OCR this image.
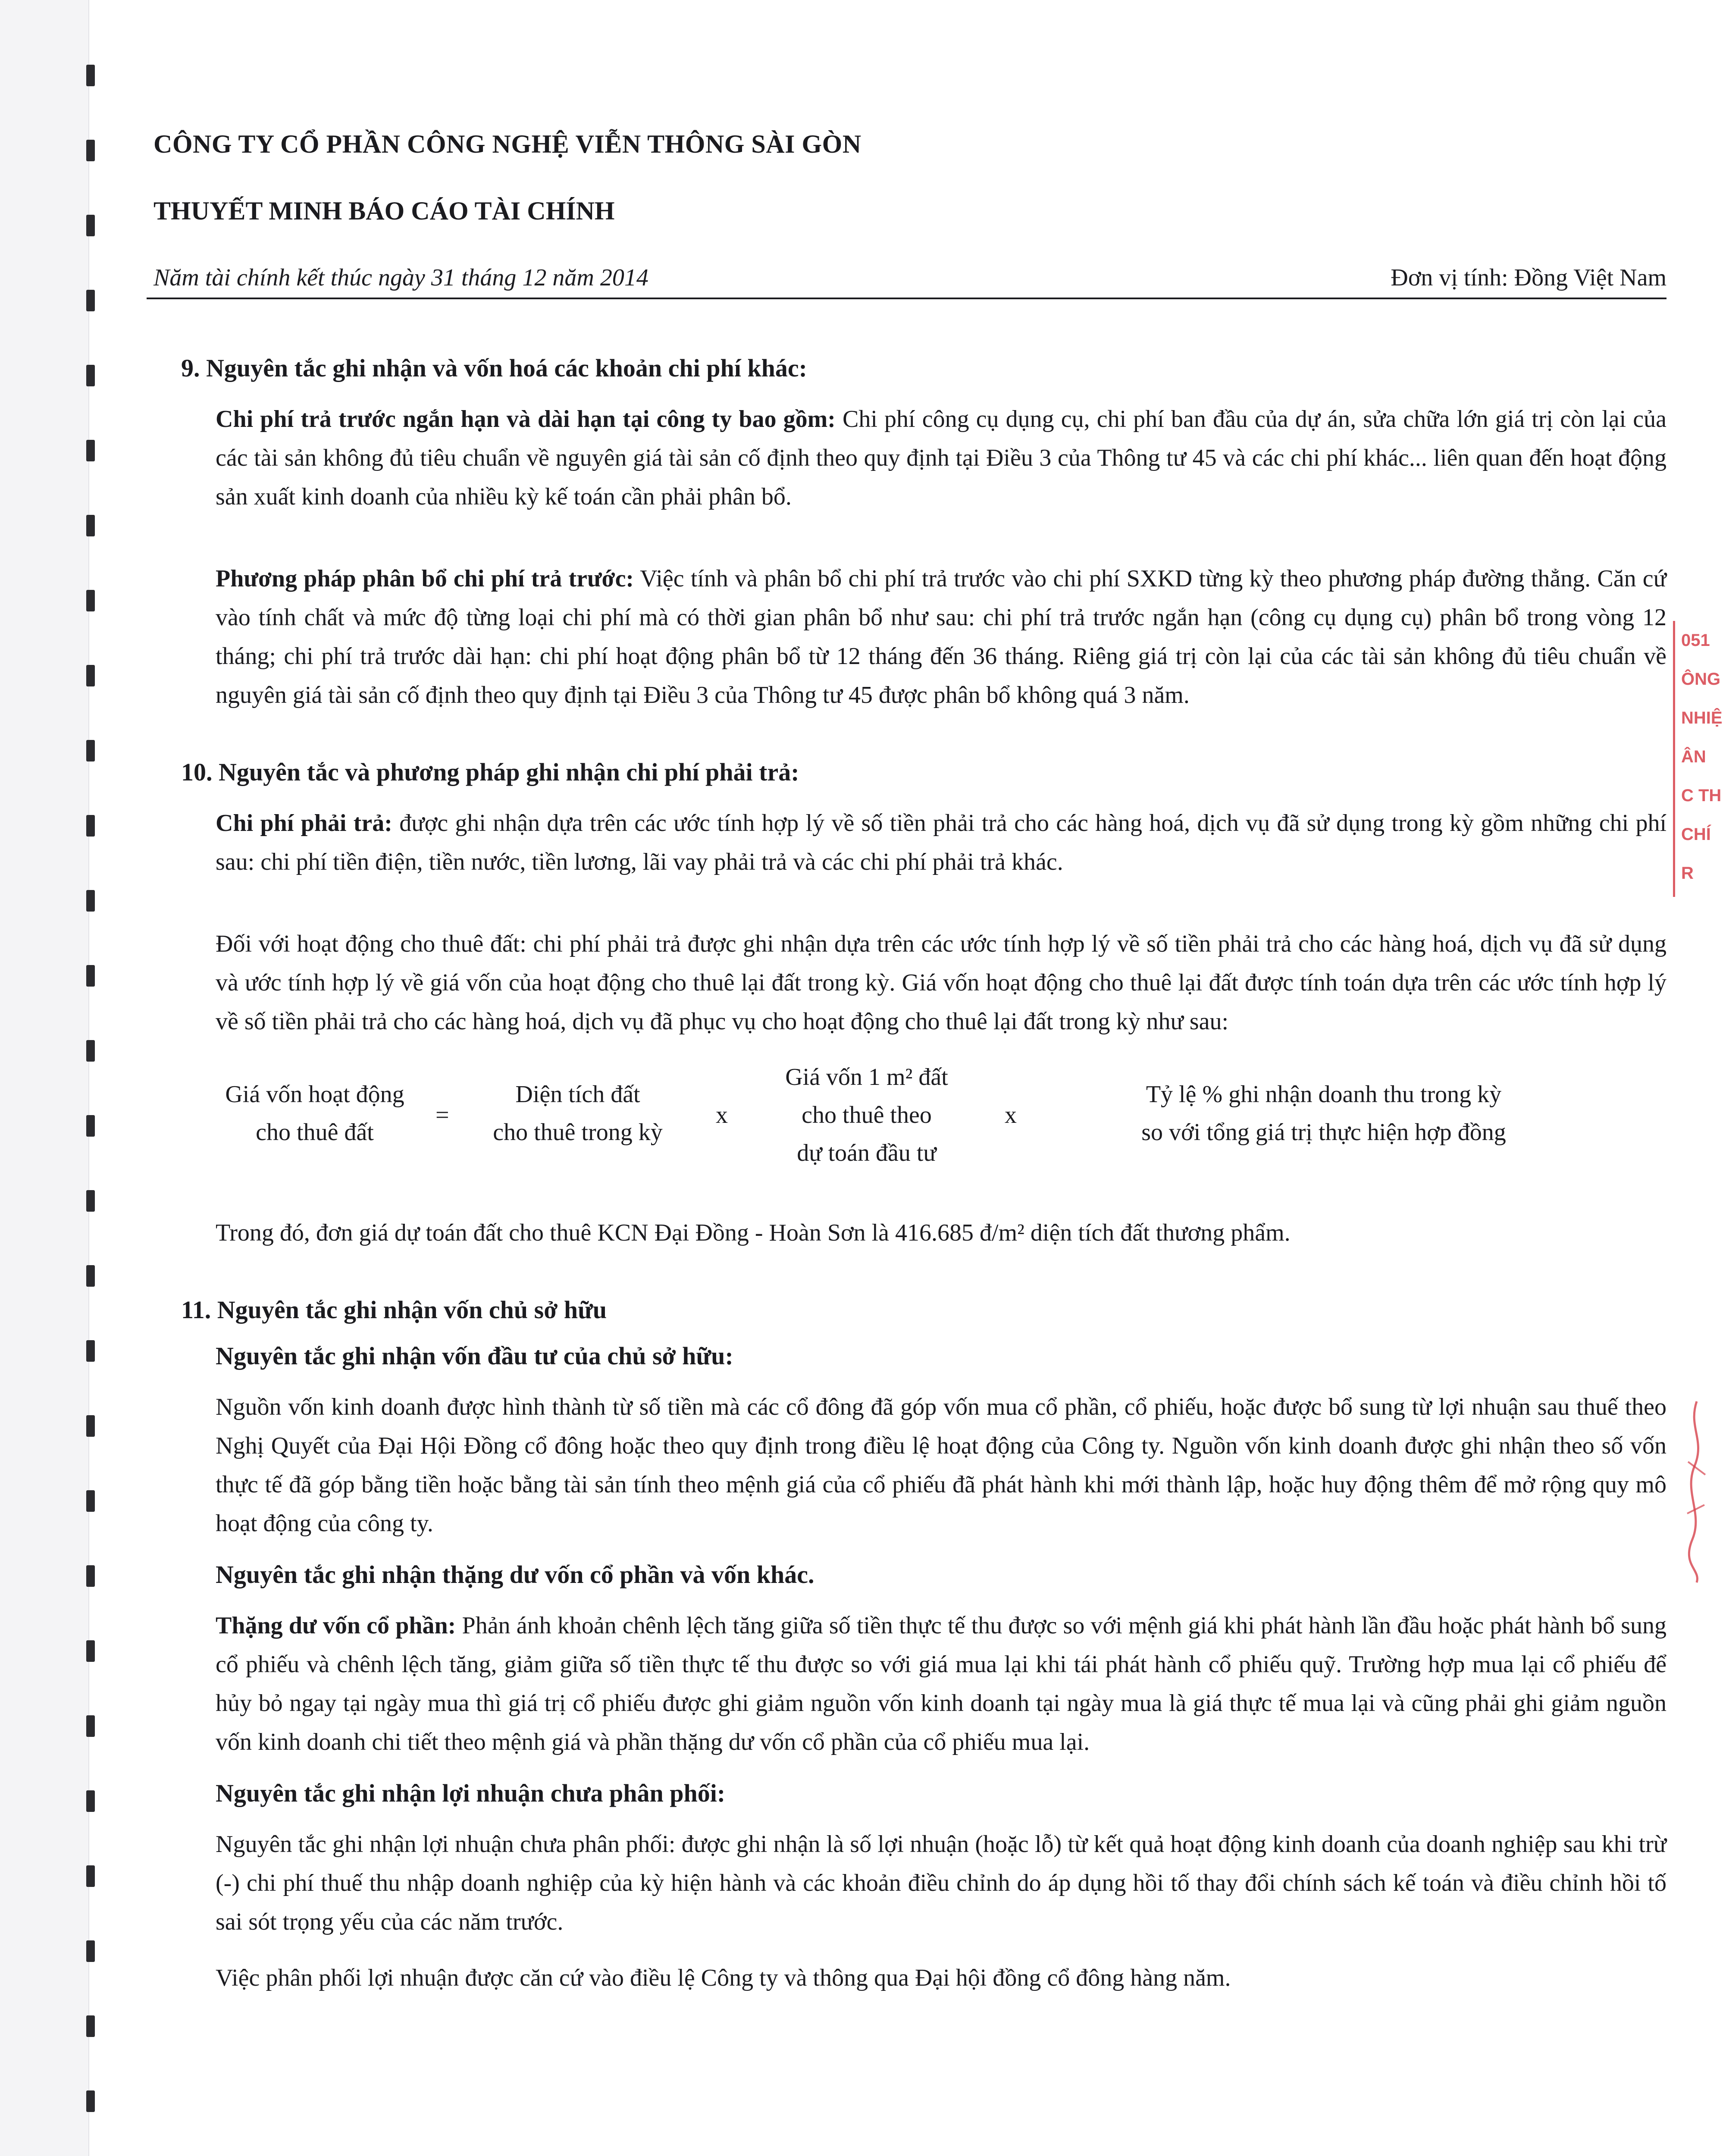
CÔNG TY CỔ PHẦN CÔNG NGHỆ VIỄN THÔNG SÀI GÒN
THUYẾT MINH BÁO CÁO TÀI CHÍNH
Năm tài chính kết thúc ngày 31 tháng 12 năm 2014	Đơn vị tính: Đồng Việt Nam
9. Nguyên tắc ghi nhận và vốn hoá các khoản chi phí khác:
Chi phí trả trước ngắn hạn và dài hạn tại công ty bao gồm: Chi phí công cụ dụng cụ, chi phí ban đầu của dự án, sửa chữa lớn giá trị còn lại của các tài sản không đủ tiêu chuẩn về nguyên giá tài sản cố định theo quy định tại Điều 3 của Thông tư 45 và các chi phí khác... liên quan đến hoạt động sản xuất kinh doanh của nhiều kỳ kế toán cần phải phân bổ.
Phương pháp phân bổ chi phí trả trước: Việc tính và phân bổ chi phí trả trước vào chi phí SXKD từng kỳ theo phương pháp đường thẳng. Căn cứ vào tính chất và mức độ từng loại chi phí mà có thời gian phân bổ như sau: chi phí trả trước ngắn hạn (công cụ dụng cụ) phân bổ trong vòng 12 tháng; chi phí trả trước dài hạn: chi phí hoạt động phân bổ từ 12 tháng đến 36 tháng. Riêng giá trị còn lại của các tài sản không đủ tiêu chuẩn về nguyên giá tài sản cố định theo quy định tại Điều 3 của Thông tư 45 được phân bổ không quá 3 năm.
10. Nguyên tắc và phương pháp ghi nhận chi phí phải trả:
Chi phí phải trả: được ghi nhận dựa trên các ước tính hợp lý về số tiền phải trả cho các hàng hoá, dịch vụ đã sử dụng trong kỳ gồm những chi phí sau: chi phí tiền điện, tiền nước, tiền lương, lãi vay phải trả và các chi phí phải trả khác.
Đối với hoạt động cho thuê đất: chi phí phải trả được ghi nhận dựa trên các ước tính hợp lý về số tiền phải trả cho các hàng hoá, dịch vụ đã sử dụng và ước tính hợp lý về giá vốn của hoạt động cho thuê lại đất trong kỳ. Giá vốn hoạt động cho thuê lại đất được tính toán dựa trên các ước tính hợp lý về số tiền phải trả cho các hàng hoá, dịch vụ đã phục vụ cho hoạt động cho thuê lại đất trong kỳ như sau:
Giá vốn hoạt động
cho thuê đất
=
Diện tích đất
cho thuê trong kỳ
x
Giá vốn 1 m² đất
cho thuê theo
dự toán đầu tư
x
Tỷ lệ % ghi nhận doanh thu trong kỳ
so với tổng giá trị thực hiện hợp đồng
Trong đó, đơn giá dự toán đất cho thuê KCN Đại Đồng - Hoàn Sơn là 416.685 đ/m² diện tích đất thương phẩm.
11. Nguyên tắc ghi nhận vốn chủ sở hữu
Nguyên tắc ghi nhận vốn đầu tư của chủ sở hữu:
Nguồn vốn kinh doanh được hình thành từ số tiền mà các cổ đông đã góp vốn mua cổ phần, cổ phiếu, hoặc được bổ sung từ lợi nhuận sau thuế theo Nghị Quyết của Đại Hội Đồng cổ đông hoặc theo quy định trong điều lệ hoạt động của Công ty. Nguồn vốn kinh doanh được ghi nhận theo số vốn thực tế đã góp bằng tiền hoặc bằng tài sản tính theo mệnh giá của cổ phiếu đã phát hành khi mới thành lập, hoặc huy động thêm để mở rộng quy mô hoạt động của công ty.
Nguyên tắc ghi nhận thặng dư vốn cổ phần và vốn khác.
Thặng dư vốn cổ phần: Phản ánh khoản chênh lệch tăng giữa số tiền thực tế thu được so với mệnh giá khi phát hành lần đầu hoặc phát hành bổ sung cổ phiếu và chênh lệch tăng, giảm giữa số tiền thực tế thu được so với giá mua lại khi tái phát hành cổ phiếu quỹ. Trường hợp mua lại cổ phiếu để hủy bỏ ngay tại ngày mua thì giá trị cổ phiếu được ghi giảm nguồn vốn kinh doanh tại ngày mua là giá thực tế mua lại và cũng phải ghi giảm nguồn vốn kinh doanh chi tiết theo mệnh giá và phần thặng dư vốn cổ phần của cổ phiếu mua lại.
Nguyên tắc ghi nhận lợi nhuận chưa phân phối:
Nguyên tắc ghi nhận lợi nhuận chưa phân phối: được ghi nhận là số lợi nhuận (hoặc lỗ) từ kết quả hoạt động kinh doanh của doanh nghiệp sau khi trừ (-) chi phí thuế thu nhập doanh nghiệp của kỳ hiện hành và các khoản điều chỉnh do áp dụng hồi tố thay đổi chính sách kế toán và điều chỉnh hồi tố sai sót trọng yếu của các năm trước.
Việc phân phối lợi nhuận được căn cứ vào điều lệ Công ty và thông qua Đại hội đồng cổ đông hàng năm.
051
ÔNG
NHIỆ
ÂN
C TH
CHÍ
R
